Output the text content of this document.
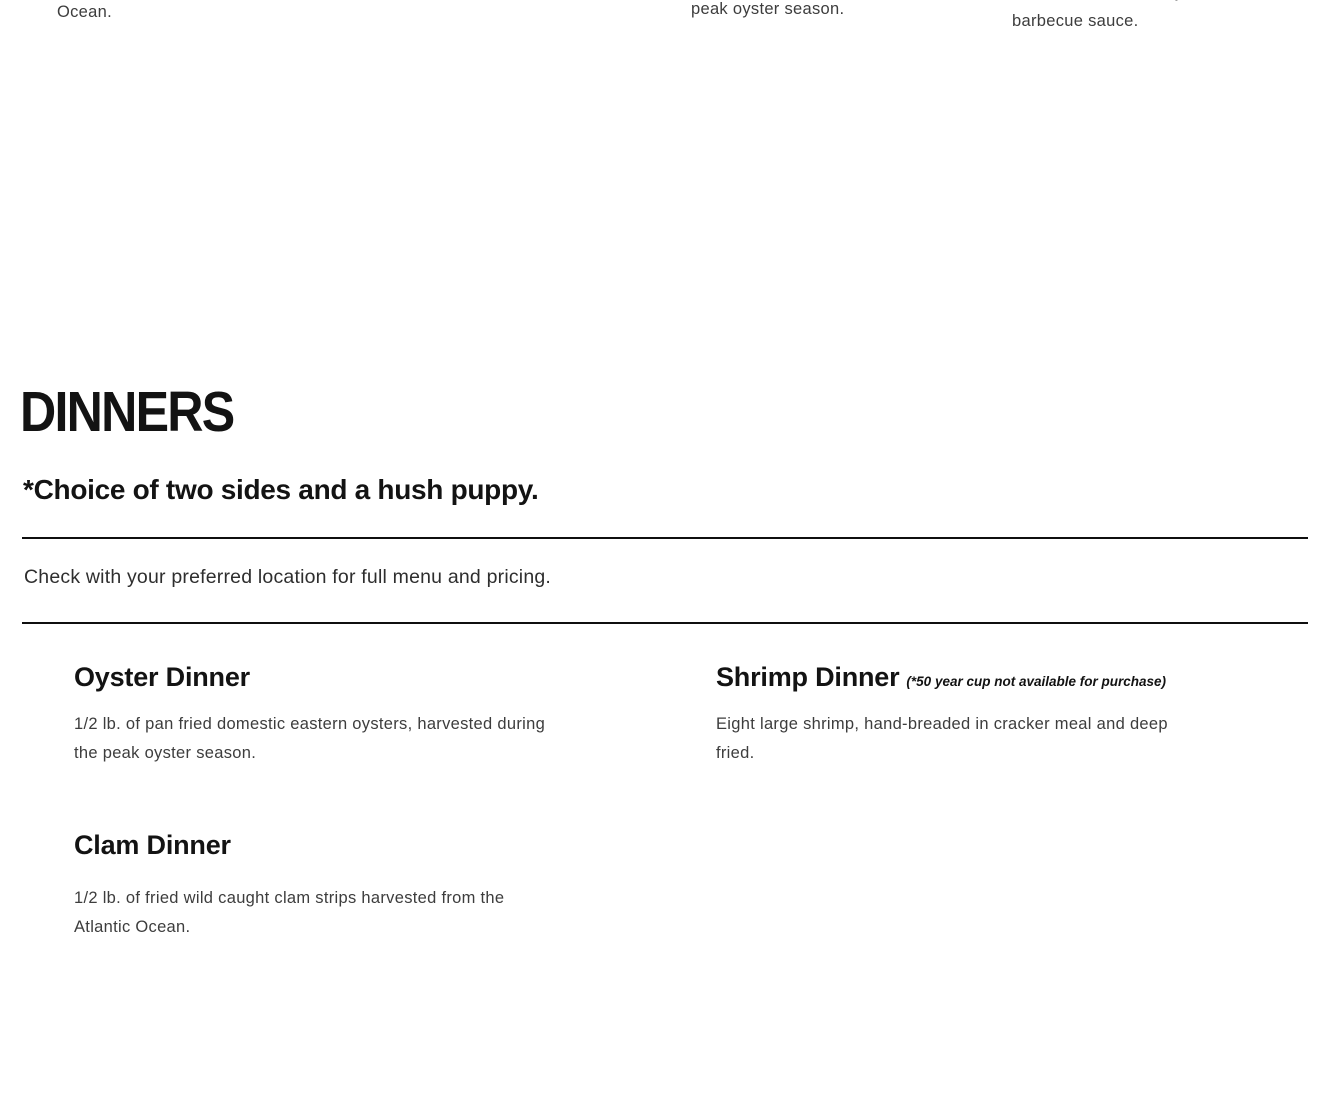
Ocean.	peak oyster season.
barbecue sauce.
DINNERS
*Choice of two sides and a hush puppy.
Check with your preferred location for full menu and pricing.
Oyster Dinner
1/2 lb. of pan fried domestic eastern oysters, harvested during
the peak oyster season.
Shrimp Dinner (*50 year cup not available for purchase)
Eight large shrimp, hand-breaded in cracker meal and deep
fried.
Clam Dinner
1/2 lb. of fried wild caught clam strips harvested from the
Atlantic Ocean.
